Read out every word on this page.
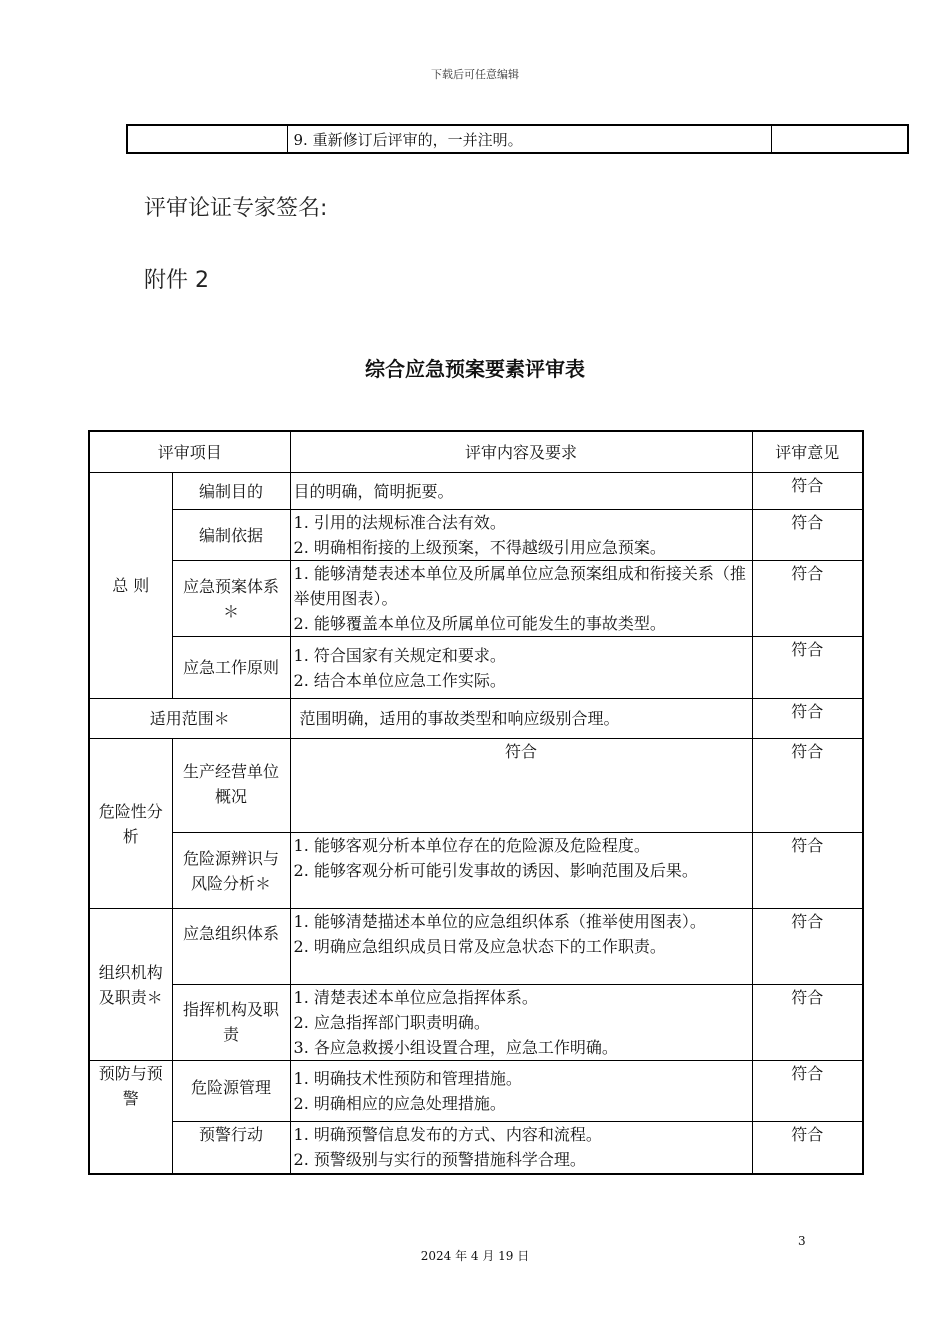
下载后可任意编辑
	9. 重新修订后评审的，一并注明。	
评审论证专家签名:
附件 2
综合应急预案要素评审表
评审项目		评审内容及要求	评审意见
总 则	编制目的	目的明确，简明扼要。	符合
	编制依据	1. 引用的法规标准合法有效。
2. 明确相衔接的上级预案，不得越级引用应急预案。	符合
	应急预案体系＊	1. 能够清楚表述本单位及所属单位应急预案组成和衔接关系（推举使用图表）。
2. 能够覆盖本单位及所属单位可能发生的事故类型。	符合
	应急工作原则	1. 符合国家有关规定和要求。
2. 结合本单位应急工作实际。	符合
适用范围＊		范围明确，适用的事故类型和响应级别合理。	符合
危险性分析	生产经营单位概况	符合	符合
	危险源辨识与风险分析＊	1. 能够客观分析本单位存在的危险源及危险程度。
2. 能够客观分析可能引发事故的诱因、影响范围及后果。	符合
组织机构及职责＊	应急组织体系	1. 能够清楚描述本单位的应急组织体系（推举使用图表）。
2. 明确应急组织成员日常及应急状态下的工作职责。	符合
	指挥机构及职责	1. 清楚表述本单位应急指挥体系。
2. 应急指挥部门职责明确。
3. 各应急救援小组设置合理，应急工作明确。	符合
预防与预警	危险源管理	1. 明确技术性预防和管理措施。
2. 明确相应的应急处理措施。	符合
	预警行动	1. 明确预警信息发布的方式、内容和流程。
2. 预警级别与实行的预警措施科学合理。	符合
3
2024 年 4 月 19 日
